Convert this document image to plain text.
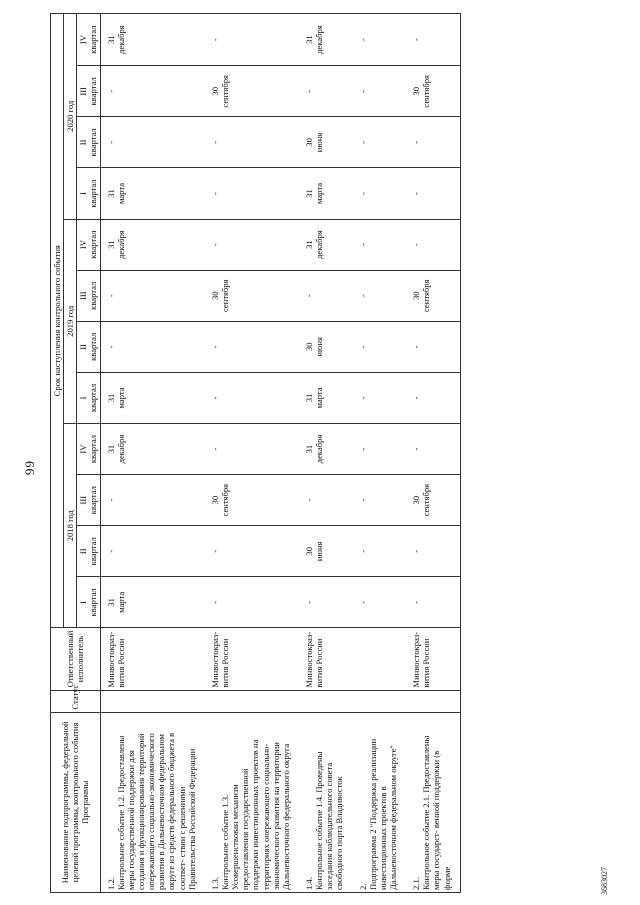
99
Наименование подпрограммы, федеральной целевой программы, контрольного события Программы	Статус	Ответственный исполнитель	Срок наступления контрольного события											
			2018 год				2019 год				2020 год			

			I квартал	II квартал	III квартал	IV квартал	I квартал	II квартал	III квартал	IV квартал	I квартал	II квартал	III квартал	IV квартал

1.2.Контрольное событие 1.2. Предоставлены меры государственной поддержки для создания и функционирования территорий опережающего социально-экономического развития в Дальневосточном федеральном округе из средств федерального бюджета в соответ- ствии с решениями Правительства Российской Федерации		Минвостокраз- вития России	31 марта	-	-	31 декабря	31 марта	-	-	31 декабря	31 марта	-	-	31 декабря

1.3.Контрольное событие 1.3. Усовершенствован механизм предоставления государственной поддержки инвестиционных проектов на территориях опережающего социально- экономического развития на территории Дальневосточного федерального округа		Минвостокраз- вития России	-	-	30 сентября	-	-	-	30 сентября	-	-	-	30 сентября	-

1.4.Контрольное событие 1.4. Проведены заседания наблюдательного совета свободного порта Владивосток		Минвостокраз- вития России	-	30 июня	-	31 декабря	31 марта	30 июня	-	31 декабря	31 марта	30 июня	-	31 декабря

2.Подпрограмма 2 "Поддержка реализации инвестиционных проектов в Дальневосточном федеральном округе"			-	-	-	-	-	-	-	-	-	-	-	-

2.1.Контрольное событие 2.1. Предоставлены меры государст- венной поддержки (в форме		Минвостокраз- вития России	-	-	30 сентября	-	-	-	30 сентября	-	-	-	30 сентября	-
3683027
